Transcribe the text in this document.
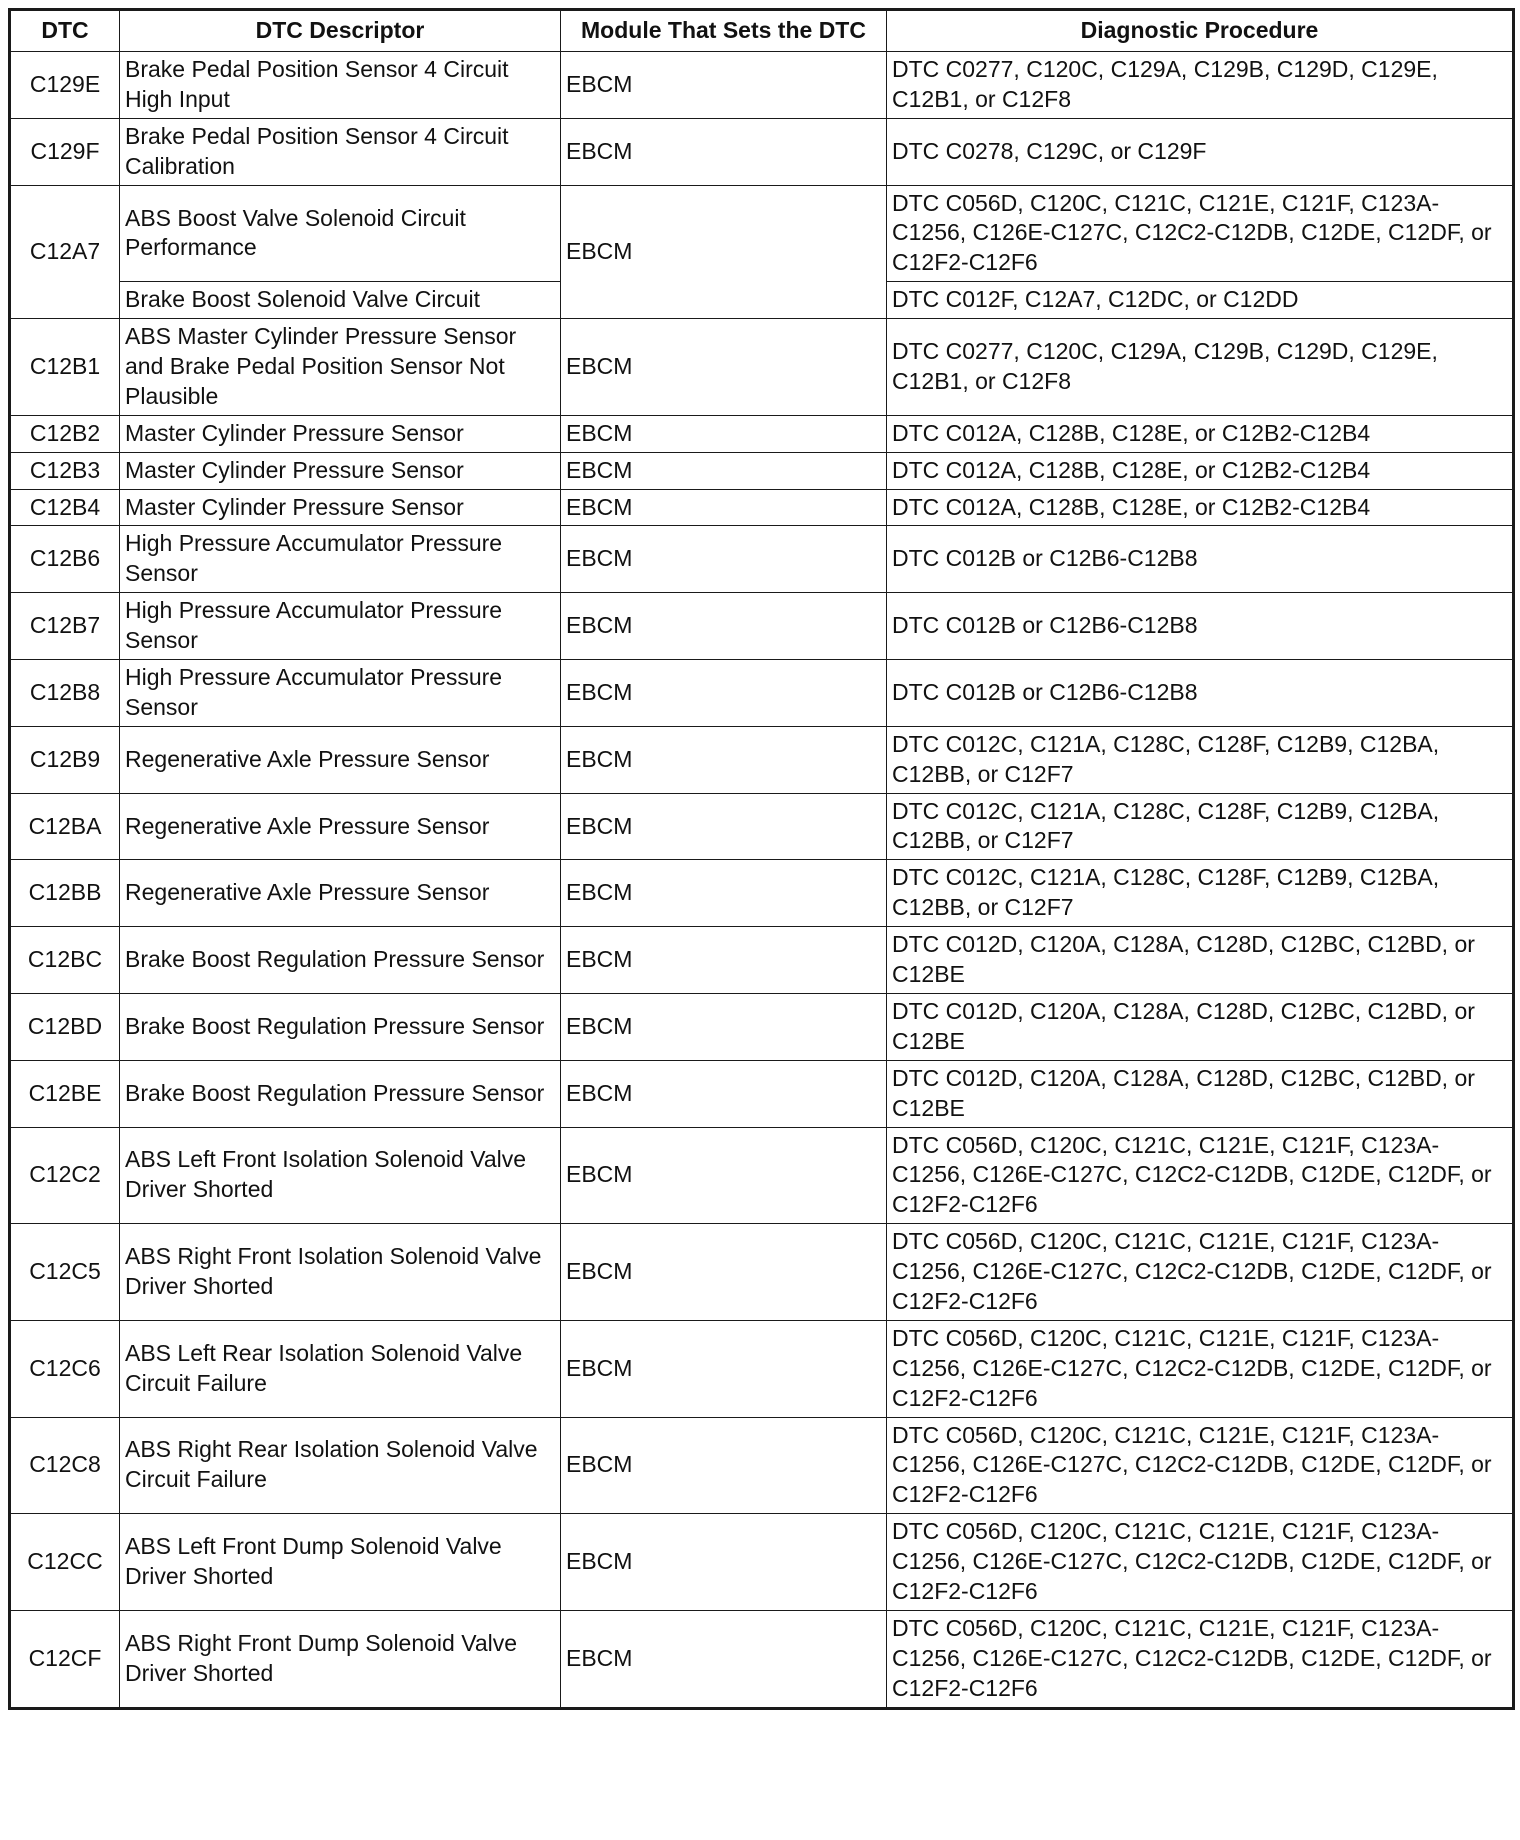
DTC	DTC Descriptor	Module That Sets the DTC	Diagnostic Procedure
C129E	Brake Pedal Position Sensor 4 Circuit High Input	EBCM	DTC C0277, C120C, C129A, C129B, C129D, C129E, C12B1, or C12F8
C129F	Brake Pedal Position Sensor 4 Circuit Calibration	EBCM	DTC C0278, C129C, or C129F
C12A7	ABS Boost Valve Solenoid Circuit Performance	EBCM	DTC C056D, C120C, C121C, C121E, C121F, C123A-C1256, C126E-C127C, C12C2-C12DB, C12DE, C12DF, or C12F2-C12F6
	Brake Boost Solenoid Valve Circuit		DTC C012F, C12A7, C12DC, or C12DD
C12B1	ABS Master Cylinder Pressure Sensor and Brake Pedal Position Sensor Not Plausible	EBCM	DTC C0277, C120C, C129A, C129B, C129D, C129E, C12B1, or C12F8
C12B2	Master Cylinder Pressure Sensor	EBCM	DTC C012A, C128B, C128E, or C12B2-C12B4
C12B3	Master Cylinder Pressure Sensor	EBCM	DTC C012A, C128B, C128E, or C12B2-C12B4
C12B4	Master Cylinder Pressure Sensor	EBCM	DTC C012A, C128B, C128E, or C12B2-C12B4
C12B6	High Pressure Accumulator Pressure Sensor	EBCM	DTC C012B or C12B6-C12B8
C12B7	High Pressure Accumulator Pressure Sensor	EBCM	DTC C012B or C12B6-C12B8
C12B8	High Pressure Accumulator Pressure Sensor	EBCM	DTC C012B or C12B6-C12B8
C12B9	Regenerative Axle Pressure Sensor	EBCM	DTC C012C, C121A, C128C, C128F, C12B9, C12BA, C12BB, or C12F7
C12BA	Regenerative Axle Pressure Sensor	EBCM	DTC C012C, C121A, C128C, C128F, C12B9, C12BA, C12BB, or C12F7
C12BB	Regenerative Axle Pressure Sensor	EBCM	DTC C012C, C121A, C128C, C128F, C12B9, C12BA, C12BB, or C12F7
C12BC	Brake Boost Regulation Pressure Sensor	EBCM	DTC C012D, C120A, C128A, C128D, C12BC, C12BD, or C12BE
C12BD	Brake Boost Regulation Pressure Sensor	EBCM	DTC C012D, C120A, C128A, C128D, C12BC, C12BD, or C12BE
C12BE	Brake Boost Regulation Pressure Sensor	EBCM	DTC C012D, C120A, C128A, C128D, C12BC, C12BD, or C12BE
C12C2	ABS Left Front Isolation Solenoid Valve Driver Shorted	EBCM	DTC C056D, C120C, C121C, C121E, C121F, C123A-C1256, C126E-C127C, C12C2-C12DB, C12DE, C12DF, or C12F2-C12F6
C12C5	ABS Right Front Isolation Solenoid Valve Driver Shorted	EBCM	DTC C056D, C120C, C121C, C121E, C121F, C123A-C1256, C126E-C127C, C12C2-C12DB, C12DE, C12DF, or C12F2-C12F6
C12C6	ABS Left Rear Isolation Solenoid Valve Circuit Failure	EBCM	DTC C056D, C120C, C121C, C121E, C121F, C123A-C1256, C126E-C127C, C12C2-C12DB, C12DE, C12DF, or C12F2-C12F6
C12C8	ABS Right Rear Isolation Solenoid Valve Circuit Failure	EBCM	DTC C056D, C120C, C121C, C121E, C121F, C123A-C1256, C126E-C127C, C12C2-C12DB, C12DE, C12DF, or C12F2-C12F6
C12CC	ABS Left Front Dump Solenoid Valve Driver Shorted	EBCM	DTC C056D, C120C, C121C, C121E, C121F, C123A-C1256, C126E-C127C, C12C2-C12DB, C12DE, C12DF, or C12F2-C12F6
C12CF	ABS Right Front Dump Solenoid Valve Driver Shorted	EBCM	DTC C056D, C120C, C121C, C121E, C121F, C123A-C1256, C126E-C127C, C12C2-C12DB, C12DE, C12DF, or C12F2-C12F6
